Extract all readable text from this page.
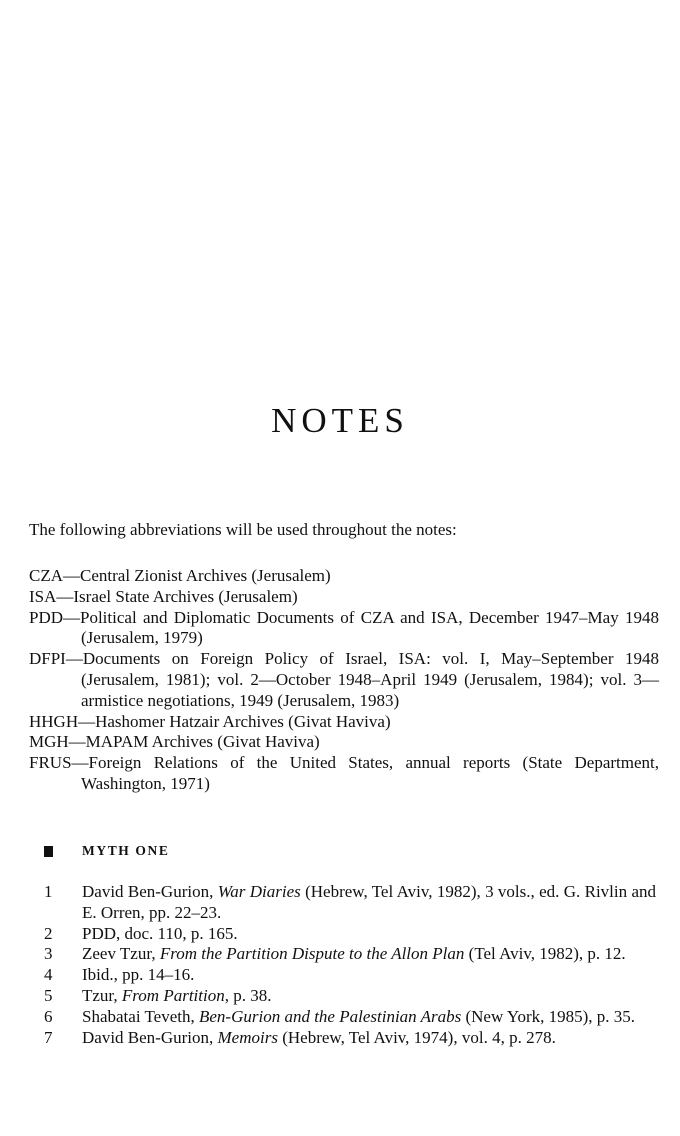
NOTES

The following abbreviations will be used throughout the notes:

CZA—Central Zionist Archives (Jerusalem)
ISA—Israel State Archives (Jerusalem)
PDD—Political and Diplomatic Documents of CZA and ISA, December 1947–May 1948 (Jerusalem, 1979)
DFPI—Documents on Foreign Policy of Israel, ISA: vol. I, May–September 1948 (Jerusalem, 1981); vol. 2—October 1948–April 1949 (Jerusalem, 1984); vol. 3—armistice negotiations, 1949 (Jerusalem, 1983)
HHGH—Hashomer Hatzair Archives (Givat Haviva)
MGH—MAPAM Archives (Givat Haviva)
FRUS—Foreign Relations of the United States, annual reports (State Department, Washington, 1971)
MYTH ONE
1	David Ben-Gurion, War Diaries (Hebrew, Tel Aviv, 1982), 3 vols., ed. G. Rivlin and E. Orren, pp. 22–23.
2	PDD, doc. 110, p. 165.
3	Zeev Tzur, From the Partition Dispute to the Allon Plan (Tel Aviv, 1982), p. 12.
4	Ibid., pp. 14–16.
5	Tzur, From Partition, p. 38.
6	Shabatai Teveth, Ben-Gurion and the Palestinian Arabs (New York, 1985), p. 35.
7	David Ben-Gurion, Memoirs (Hebrew, Tel Aviv, 1974), vol. 4, p. 278.
